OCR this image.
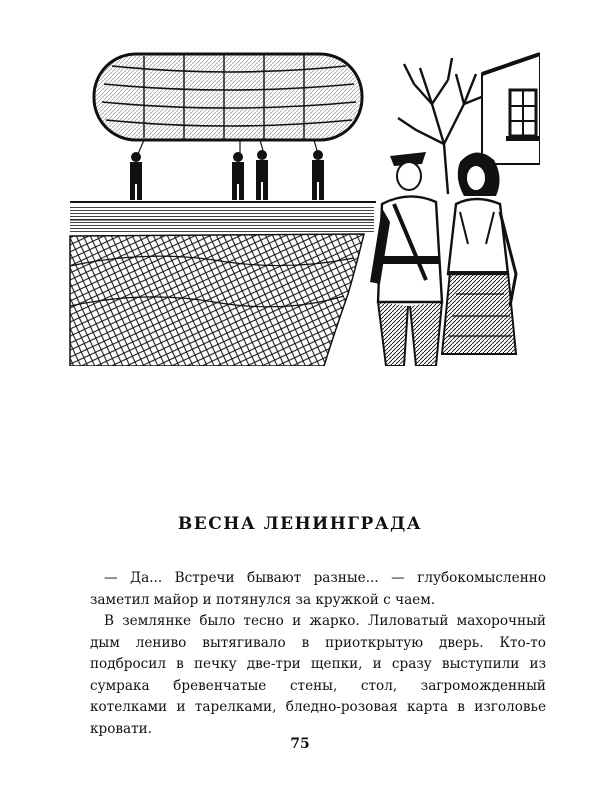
ВЕСНА ЛЕНИНГРАДА

— Да... Встречи бывают разные... — глубокомысленно заметил майор и потянулся за кружкой с чаем.

В землянке было тесно и жарко. Лиловатый махорочный дым лениво вытягивало в приоткрытую дверь. Кто-то подбросил в печку две-три щепки, и сразу выступили из сумрака бревенчатые стены, стол, загроможденный котелками и тарелками, бледно-розовая карта в изголовье кровати.

75
